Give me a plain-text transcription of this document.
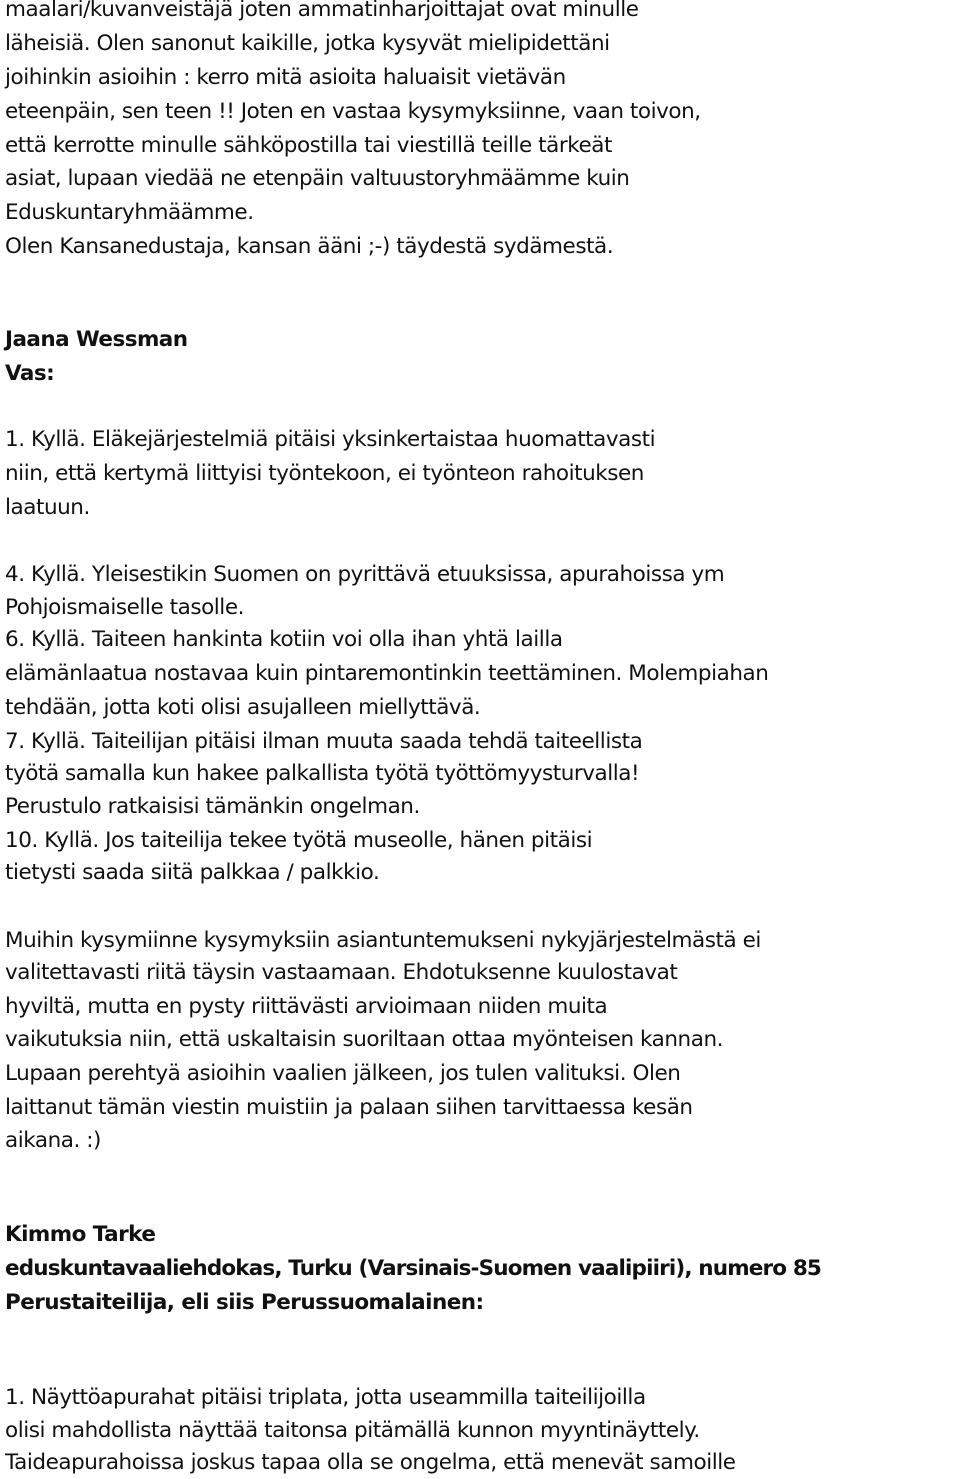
maalari/kuvanveistäjä joten ammatinharjoittajat ovat minulle
läheisiä. Olen sanonut kaikille, jotka kysyvät mielipidettäni
joihinkin asioihin : kerro mitä asioita haluaisit vietävän
eteenpäin, sen teen !! Joten en vastaa kysymyksiinne, vaan toivon,
että kerrotte minulle sähköpostilla tai viestillä teille tärkeät
asiat, lupaan viedää ne etenpäin valtuustoryhmäämme kuin
Eduskuntaryhmäämme.
Olen Kansanedustaja, kansan ääni ;-) täydestä sydämestä.
Jaana Wessman
Vas:
1. Kyllä. Eläkejärjestelmiä pitäisi yksinkertaistaa huomattavasti
niin, että kertymä liittyisi työntekoon, ei työnteon rahoituksen
laatuun.
4. Kyllä. Yleisestikin Suomen on pyrittävä etuuksissa, apurahoissa ym
Pohjoismaiselle tasolle.
6. Kyllä. Taiteen hankinta kotiin voi olla ihan yhtä lailla
elämänlaatua nostavaa kuin pintaremontinkin teettäminen. Molempiahan
tehdään, jotta koti olisi asujalleen miellyttävä.
7. Kyllä. Taiteilijan pitäisi ilman muuta saada tehdä taiteellista
työtä samalla kun hakee palkallista työtä työttömyysturvalla!
Perustulo ratkaisisi tämänkin ongelman.
10. Kyllä. Jos taiteilija tekee työtä museolle, hänen pitäisi
tietysti saada siitä palkkaa / palkkio.
Muihin kysymiinne kysymyksiin asiantuntemukseni nykyjärjestelmästä ei
valitettavasti riitä täysin vastaamaan. Ehdotuksenne kuulostavat
hyviltä, mutta en pysty riittävästi arvioimaan niiden muita
vaikutuksia niin, että uskaltaisin suoriltaan ottaa myönteisen kannan.
Lupaan perehtyä asioihin vaalien jälkeen, jos tulen valituksi. Olen
laittanut tämän viestin muistiin ja palaan siihen tarvittaessa kesän
aikana. :)
Kimmo Tarke
eduskuntavaaliehdokas, Turku (Varsinais-Suomen vaalipiiri), numero 85
Perustaiteilija, eli siis Perussuomalainen:
1. Näyttöapurahat pitäisi triplata, jotta useammilla taiteilijoilla
olisi mahdollista näyttää taitonsa pitämällä kunnon myyntinäyttely.
Taideapurahoissa joskus tapaa olla se ongelma, että menevät samoille
